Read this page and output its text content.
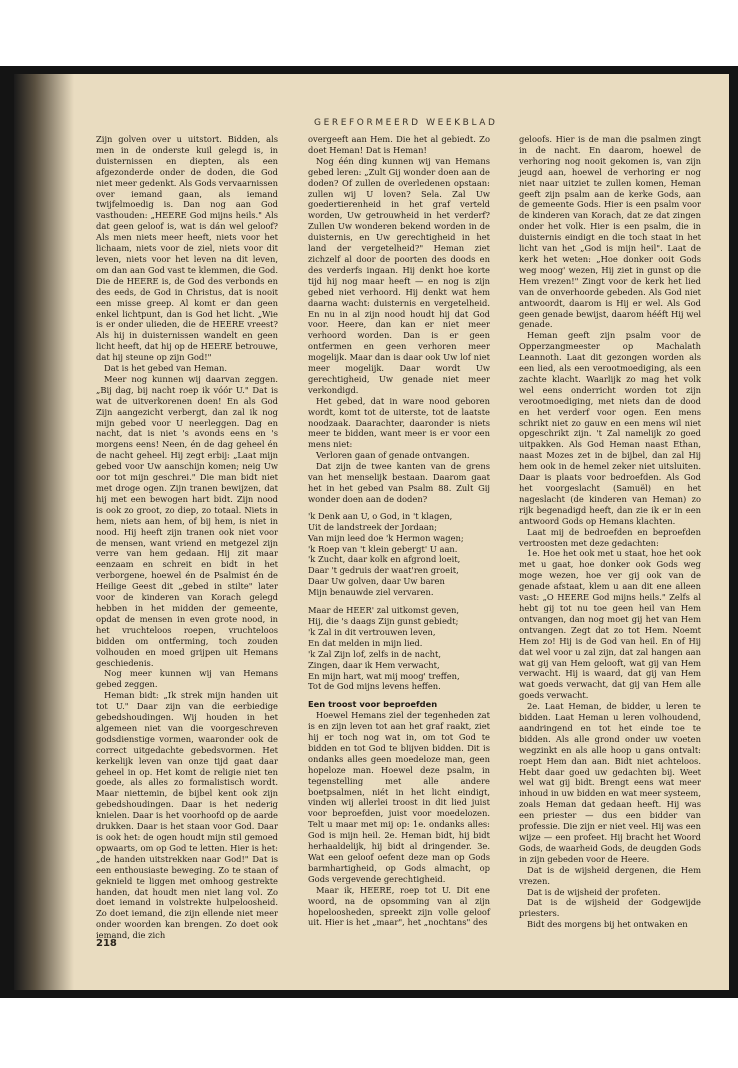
GEREFORMEERD WEEKBLAD

Zijn golven over u uitstort. Bidden, als men in de onderste kuil gelegd is, in duisternissen en diepten, als een afgezonderde onder de doden, die God niet meer gedenkt. Als Gods vervaarnissen over iemand gaan, als iemand twijfelmoedig is. Dan nog aan God vasthouden: „HEERE God mijns heils." Als dat geen geloof is, wat is dán wel geloof? Als men niets meer heeft, niets voor het lichaam, niets voor de ziel, niets voor dit leven, niets voor het leven na dit leven, om dan aan God vast te klemmen, die God. Die de HEERE is, de God des verbonds en des eeds, de God in Christus, dat is nooit een misse greep. Al komt er dan geen enkel lichtpunt, dan is God het licht. „Wie is er onder ulieden, die de HEERE vreest? Als hij in duisternissen wandelt en geen licht heeft, dat hij op de HEERE betrouwe, dat hij steune op zijn God!"

Dat is het gebed van Heman.

Meer nog kunnen wij daarvan zeggen. „Bij dag, bij nacht roep ik vóór U." Dat is wat de uitverkorenen doen! En als God Zijn aangezicht verbergt, dan zal ik nog mijn gebed voor U neerleggen. Dag en nacht, dat is niet 's avonds eens en 's morgens eens! Neen, én de dag geheel én de nacht geheel. Hij zegt erbij: „Laat mijn gebed voor Uw aanschijn komen; neig Uw oor tot mijn geschrei." Die man bidt niet met droge ogen. Zijn tranen bewijzen, dat hij met een bewogen hart bidt. Zijn nood is ook zo groot, zo diep, zo totaal. Niets in hem, niets aan hem, of bij hem, is niet in nood. Hij heeft zijn tranen ook niet voor de mensen, want vriend en metgezel zijn verre van hem gedaan. Hij zit maar eenzaam en schreit en bidt in het verborgene, hoewel én de Psalmist én de Heilige Geest dit „gebed in stilte" later voor de kinderen van Korach gelegd hebben in het midden der gemeente, opdat de mensen in even grote nood, in het vruchteloos roepen, vruchteloos bidden om ontferming, toch zouden volhouden en moed grijpen uit Hemans geschiedenis.

Nog meer kunnen wij van Hemans gebed zeggen.

Heman bidt: „Ik strek mijn handen uit tot U." Daar zijn van die eerbiedige gebedshoudingen. Wij houden in het algemeen niet van die voorgeschreven godsdienstige vormen, waaronder ook de correct uitgedachte gebedsvormen. Het kerkelijk leven van onze tijd gaat daar geheel in op. Het komt de religie niet ten goede, als alles zo formalistisch wordt. Maar niettemin, de bijbel kent ook zijn gebedshoudingen. Daar is het nederig knielen. Daar is het voorhoofd op de aarde drukken. Daar is het staan voor God. Daar is ook het: de ogen houdt mijn stil gemoed opwaarts, om op God te letten. Hier is het: „de handen uitstrekken naar God!" Dat is een enthousiaste beweging. Zo te staan of geknield te liggen met omhoog gestrekte handen, dat houdt men niet lang vol. Zo doet iemand in volstrekte hulpeloosheid. Zo doet iemand, die zijn ellende niet meer onder woorden kan brengen. Zo doet ook iemand, die zich

overgeeft aan Hem. Die het al gebiedt. Zo doet Heman! Dat is Heman!

Nog één ding kunnen wij van Hemans gebed leren: „Zult Gij wonder doen aan de doden? Of zullen de overledenen opstaan: zullen wij U loven? Sela. Zal Uw goedertierenheid in het graf verteld worden, Uw getrouwheid in het verderf? Zullen Uw wonderen bekend worden in de duisternis, en Uw gerechtigheid in het land der vergetelheid?" Heman ziet zichzelf al door de poorten des doods en des verderfs ingaan. Hij denkt hoe korte tijd hij nog maar heeft — en nog is zijn gebed niet verhoord. Hij denkt wat hem daarna wacht: duisternis en vergetelheid. En nu in al zijn nood houdt hij dat God voor. Heere, dan kan er niet meer verhoord worden. Dan is er geen ontfermen en geen verhoren meer mogelijk. Maar dan is daar ook Uw lof niet meer mogelijk. Daar wordt Uw gerechtigheid, Uw genade niet meer verkondigd.

Het gebed, dat in ware nood geboren wordt, komt tot de uiterste, tot de laatste noodzaak. Daarachter, daaronder is niets meer te bidden, want meer is er voor een mens niet:

Verloren gaan of genade ontvangen.

Dat zijn de twee kanten van de grens van het menselijk bestaan. Daarom gaat het in het gebed van Psalm 88. Zult Gij wonder doen aan de doden?

'k Denk aan U, o God, in 't klagen,
Uit de landstreek der Jordaan;
Van mijn leed doe 'k Hermon wagen;
'k Roep van 't klein gebergt' U aan.
'k Zucht, daar kolk en afgrond loeit,
Daar 't gedruis der waat'ren groeit,
Daar Uw golven, daar Uw baren
Mijn benauwde ziel vervaren.
Maar de HEER' zal uitkomst geven,
Hij, die 's daags Zijn gunst gebiedt;
'k Zal in dit vertrouwen leven,
En dat melden in mijn lied.
'k Zal Zijn lof, zelfs in de nacht,
Zingen, daar ik Hem verwacht,
En mijn hart, wat mij moog' treffen,
Tot de God mijns levens heffen.

Een troost voor beproefden

Hoewel Hemans ziel der tegenheden zat is en zijn leven tot aan het graf raakt, ziet hij er toch nog wat in, om tot God te bidden en tot God te blijven bidden. Dit is ondanks alles geen moedeloze man, geen hopeloze man. Hoewel deze psalm, in tegenstelling met alle andere boetpsalmen, niét in het licht eindigt, vinden wij allerlei troost in dit lied juist voor beproefden, juist voor moedelozen. Telt u maar met mij op: 1e. ondanks alles: God is mijn heil. 2e. Heman bidt, hij bidt herhaaldelijk, hij bidt al dringender. 3e. Wat een geloof oefent deze man op Gods barmhartigheid, op Gods almacht, op Gods vergevende gerechtigheid.

Maar ik, HEERE, roep tot U. Dit ene woord, na de opsomming van al zijn hopeloosheden, spreekt zijn volle geloof uit. Hier is het „maar", het „nochtans" des

geloofs. Hier is de man die psalmen zingt in de nacht. En daarom, hoewel de verhoring nog nooit gekomen is, van zijn jeugd aan, hoewel de verhoring er nog niet naar uitziet te zullen komen, Heman geeft zijn psalm aan de kerke Gods, aan de gemeente Gods. Hier is een psalm voor de kinderen van Korach, dat ze dat zingen onder het volk. Hier is een psalm, die in duisternis eindigt en die toch staat in het licht van het „God is mijn heil". Laat de kerk het weten: „Hoe donker ooit Gods weg moog' wezen, Hij ziet in gunst op die Hem vrezen!" Zingt voor de kerk het lied van de onverhoorde gebeden. Als God niet antwoordt, daarom is Hij er wel. Als God geen genade bewijst, daarom hééft Hij wel genade.

Heman geeft zijn psalm voor de Opperzangmeester op Machalath Leannoth. Laat dit gezongen worden als een lied, als een verootmoediging, als een zachte klacht. Waarlijk zo mag het volk wel eens onderricht worden tot zijn verootmoediging, met niets dan de dood en het verderf voor ogen. Een mens schrikt niet zo gauw en een mens wil niet opgeschrikt zijn. 't Zal namelijk zo goed uitpakken. Als God Heman naast Ethan, naast Mozes zet in de bijbel, dan zal Hij hem ook in de hemel zeker niet uitsluiten. Daar is plaats voor bedroefden. Als God het voorgeslacht (Samuël) en het nageslacht (de kinderen van Heman) zo rijk begenadigd heeft, dan zie ik er in een antwoord Gods op Hemans klachten.

Laat mij de bedroefden en beproefden vertroosten met deze gedachten:

1e. Hoe het ook met u staat, hoe het ook met u gaat, hoe donker ook Gods weg moge wezen, hoe ver gij ook van de genade afstaat, klem u aan dit ene alleen vast: „O HEERE God mijns heils." Zelfs al hebt gij tot nu toe geen heil van Hem ontvangen, dan nog moet gij het van Hem ontvangen. Zegt dat zo tot Hem. Noemt Hem zo! Hij is de God van heil. En of Hij dat wel voor u zal zijn, dat zal hangen aan wat gij van Hem gelooft, wat gij van Hem verwacht. Hij is waard, dat gij van Hem wat goeds verwacht, dat gij van Hem alle goeds verwacht.

2e. Laat Heman, de bidder, u leren te bidden. Laat Heman u leren volhoudend, aandringend en tot het einde toe te bidden. Als alle grond onder uw voeten wegzinkt en als alle hoop u gans ontvalt: roept Hem dan aan. Bidt niet achteloos. Hebt daar goed uw gedachten bij. Weet wel wat gij bidt. Brengt eens wat meer inhoud in uw bidden en wat meer systeem, zoals Heman dat gedaan heeft. Hij was een priester — dus een bidder van professie. Die zijn er niet veel. Hij was een wijze — een profeet. Hij bracht het Woord Gods, de waarheid Gods, de deugden Gods in zijn gebeden voor de Heere.

Dat is de wijsheid dergenen, die Hem vrezen.

Dat is de wijsheid der profeten.

Dat is de wijsheid der Godgewijde priesters.

Bidt des morgens bij het ontwaken en

218
